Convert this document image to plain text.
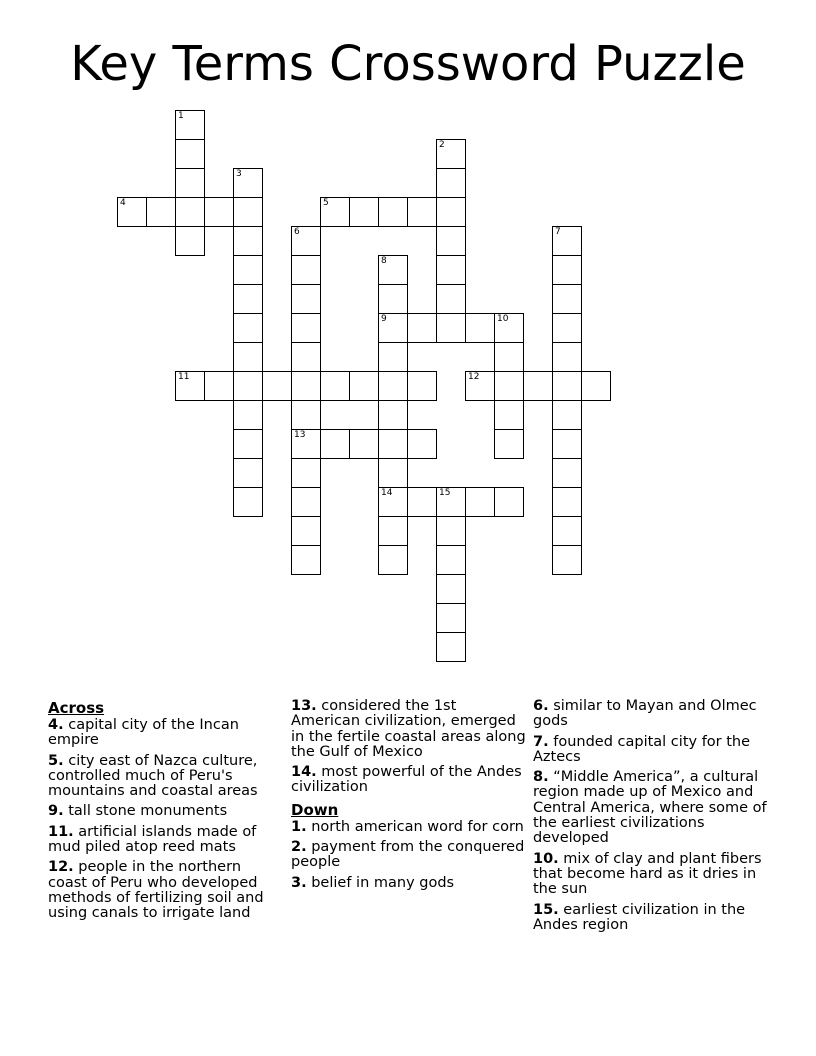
Key Terms Crossword Puzzle
1
2
3
4	5
6
13
7
8
9
14
10
11	12
15
Across
4. capital city of the Incan empire
5. city east of Nazca culture, controlled much of Peru's mountains and coastal areas
9. tall stone monuments
11. artificial islands made of mud piled atop reed mats
12. people in the northern coast of Peru who developed methods of fertilizing soil and using canals to irrigate land
13. considered the 1st American civilization, emerged in the fertile coastal areas along the Gulf of Mexico
14. most powerful of the Andes civilization
Down
1. north american word for corn
2. payment from the conquered people
3. belief in many gods
6. similar to Mayan and Olmec gods
7. founded capital city for the Aztecs
8. “Middle America”, a cultural region made up of Mexico and Central America, where some of the earliest civilizations developed
10. mix of clay and plant fibers that become hard as it dries in the sun
15. earliest civilization in the Andes region
